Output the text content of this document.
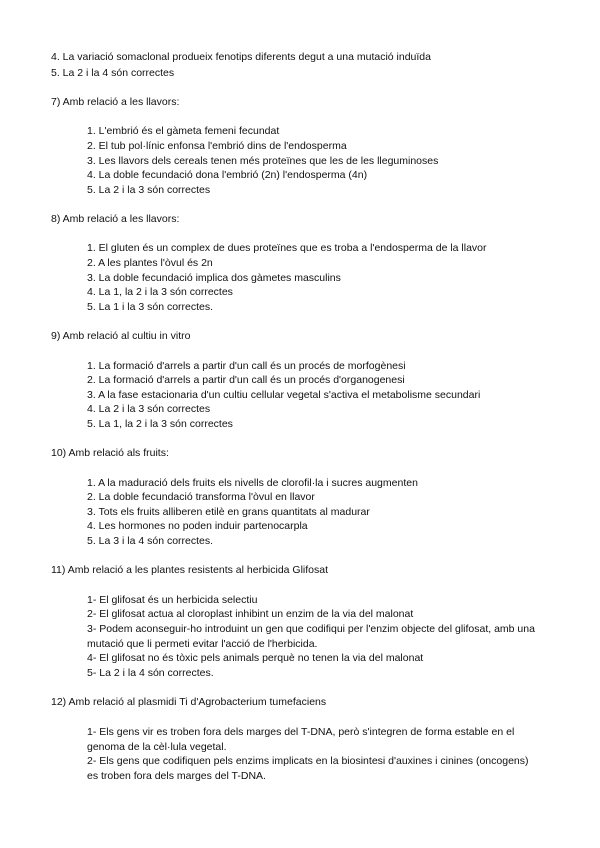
4. La variació somaclonal produeix fenotips diferents degut a una mutació induïda
5. La 2 i la 4 són correctes
7) Amb relació a les llavors:
1. L'embrió és el gàmeta femeni fecundat
2. El tub pol·línic enfonsa l'embrió dins de l'endosperma
3. Les llavors dels cereals tenen més proteïnes que les de les lleguminoses
4. La doble fecundació dona l'embrió (2n) l'endosperma (4n)
5. La 2 i la 3 són correctes
8) Amb relació a les llavors:
1. El gluten és un complex de dues proteïnes que es troba a l'endosperma de la llavor
2. A les plantes l'òvul és 2n
3. La doble fecundació implica dos gàmetes masculins
4. La 1, la 2 i la 3 són correctes
5. La 1 i la 3 són correctes.
9) Amb relació al cultiu in vitro
1. La formació d'arrels a partir d'un call és un procés de morfogènesi
2. La formació d'arrels a partir d'un call és un procés d'organogenesi
3. A la fase estacionaria d'un cultiu cellular vegetal s'activa el metabolisme secundari
4. La 2 i la 3 són correctes
5. La 1, la 2 i la 3 són correctes
10) Amb relació als fruits:
1. A la maduració dels fruits els nivells de clorofil·la i sucres augmenten
2. La doble fecundació transforma l'òvul en llavor
3. Tots els fruits alliberen etilè en grans quantitats al madurar
4. Les hormones no poden induir partenocarpla
5. La 3 i la 4 són correctes.
11) Amb relació a les plantes resistents al herbicida Glifosat
1- El glifosat és un herbicida selectiu
2- El glifosat actua al cloroplast inhibint un enzim de la via del malonat
3- Podem aconseguir-ho introduint un gen que codifiqui per l'enzim objecte del glifosat, amb una mutació que li permeti evitar l'acció de l'herbicida.
4- El glifosat no és tòxic pels animals perquè no tenen la via del malonat
5- La 2 i la 4 són correctes.
12) Amb relació al plasmidi Ti d'Agrobacterium tumefaciens
1- Els gens vir es troben fora dels marges del T-DNA, però s'integren de forma estable en el genoma de la cèl·lula vegetal.
2- Els gens que codifiquen pels enzims implicats en la biosintesi d'auxines i cinines (oncogens) es troben fora dels marges del T-DNA.
